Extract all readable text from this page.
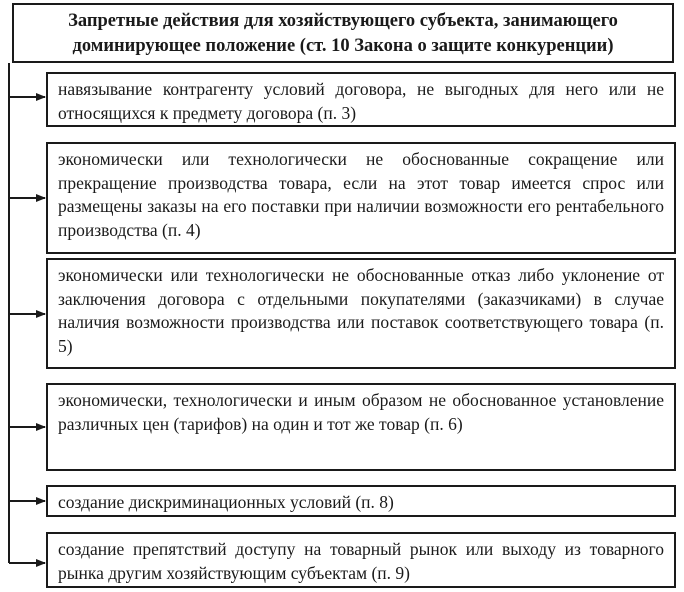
Запретные действия для хозяйствующего субъекта, занимающего
доминирующее положение (ст. 10 Закона о защите конкуренции)

навязывание контрагенту условий договора, не выгодных для него или не относящихся к предмету договора (п. 3)

экономически или технологически не обоснованные сокращение или прекращение производства товара, если на этот товар имеется спрос или размещены заказы на его поставки при наличии возможности его рентабельного производства (п. 4)

экономически или технологически не обоснованные отказ либо уклонение от заключения договора с отдельными покупателями (заказчиками) в случае наличия возможности производства или поставок соответствующего товара (п. 5)

экономически, технологически и иным образом не обоснованное установление различных цен (тарифов) на один и тот же товар (п. 6)

создание дискриминационных условий (п. 8)

создание препятствий доступу на товарный рынок или выходу из товарного рынка другим хозяйствующим субъектам (п. 9)
